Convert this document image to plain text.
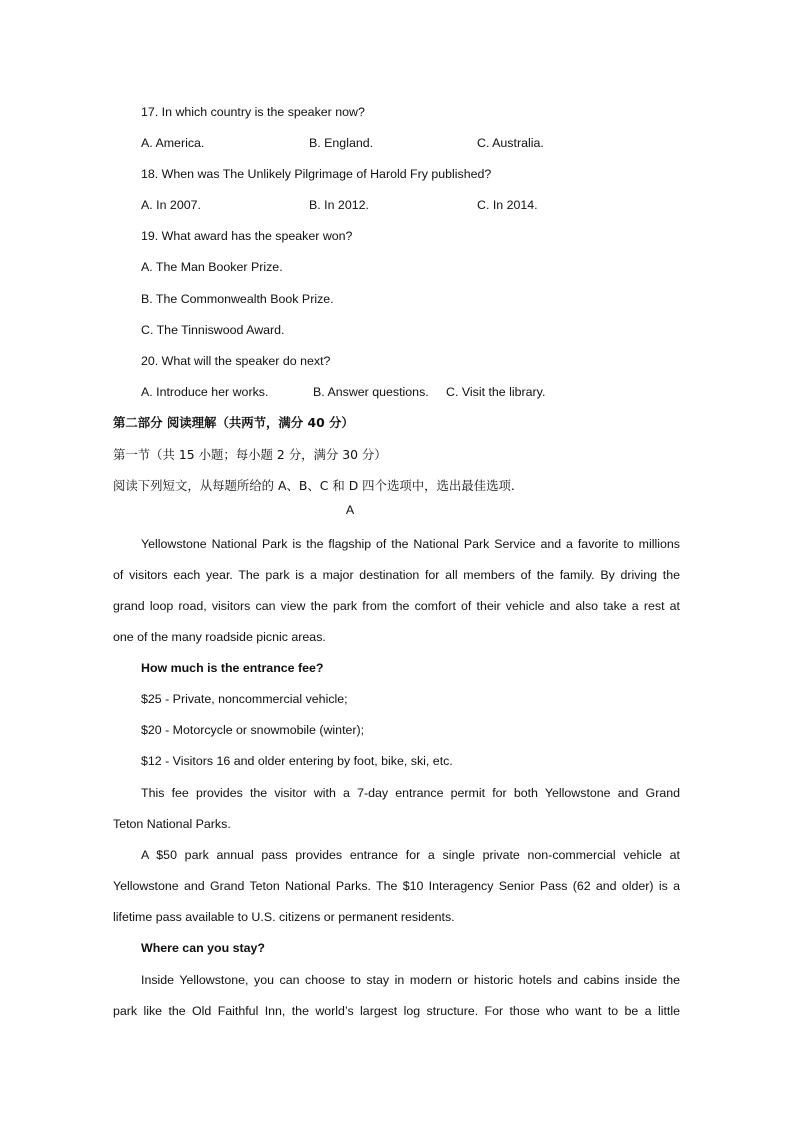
17. In which country is the speaker now?
A. America.	B. England.	C. Australia.
18. When was The Unlikely Pilgrimage of Harold Fry published?
A. In 2007.	B. In 2012.	C. In 2014.
19. What award has the speaker won?
A. The Man Booker Prize.
B. The Commonwealth Book Prize.
C. The Tinniswood Award.
20. What will the speaker do next?
A. Introduce her works.	B. Answer questions. C. Visit the library.
第二部分 阅读理解（共两节，满分 40 分）
第一节（共 15 小题；每小题 2 分，满分 30 分）
阅读下列短文，从每题所给的 A、B、C 和 D 四个选项中，选出最佳选项.
A
Yellowstone National Park is the flagship of the National Park Service and a favorite to millions
of visitors each year. The park is a major destination for all members of the family. By driving the
grand loop road, visitors can view the park from the comfort of their vehicle and also take a rest at
one of the many roadside picnic areas.
How much is the entrance fee?
$25 - Private, noncommercial vehicle;
$20 - Motorcycle or snowmobile (winter);
$12 - Visitors 16 and older entering by foot, bike, ski, etc.
This fee provides the visitor with a 7-day entrance permit for both Yellowstone and Grand
Teton National Parks.
A $50 park annual pass provides entrance for a single private non-commercial vehicle at
Yellowstone and Grand Teton National Parks. The $10 Interagency Senior Pass (62 and older) is a
lifetime pass available to U.S. citizens or permanent residents.
Where can you stay?
Inside Yellowstone, you can choose to stay in modern or historic hotels and cabins inside the
park like the Old Faithful Inn, the world’s largest log structure. For those who want to be a little
